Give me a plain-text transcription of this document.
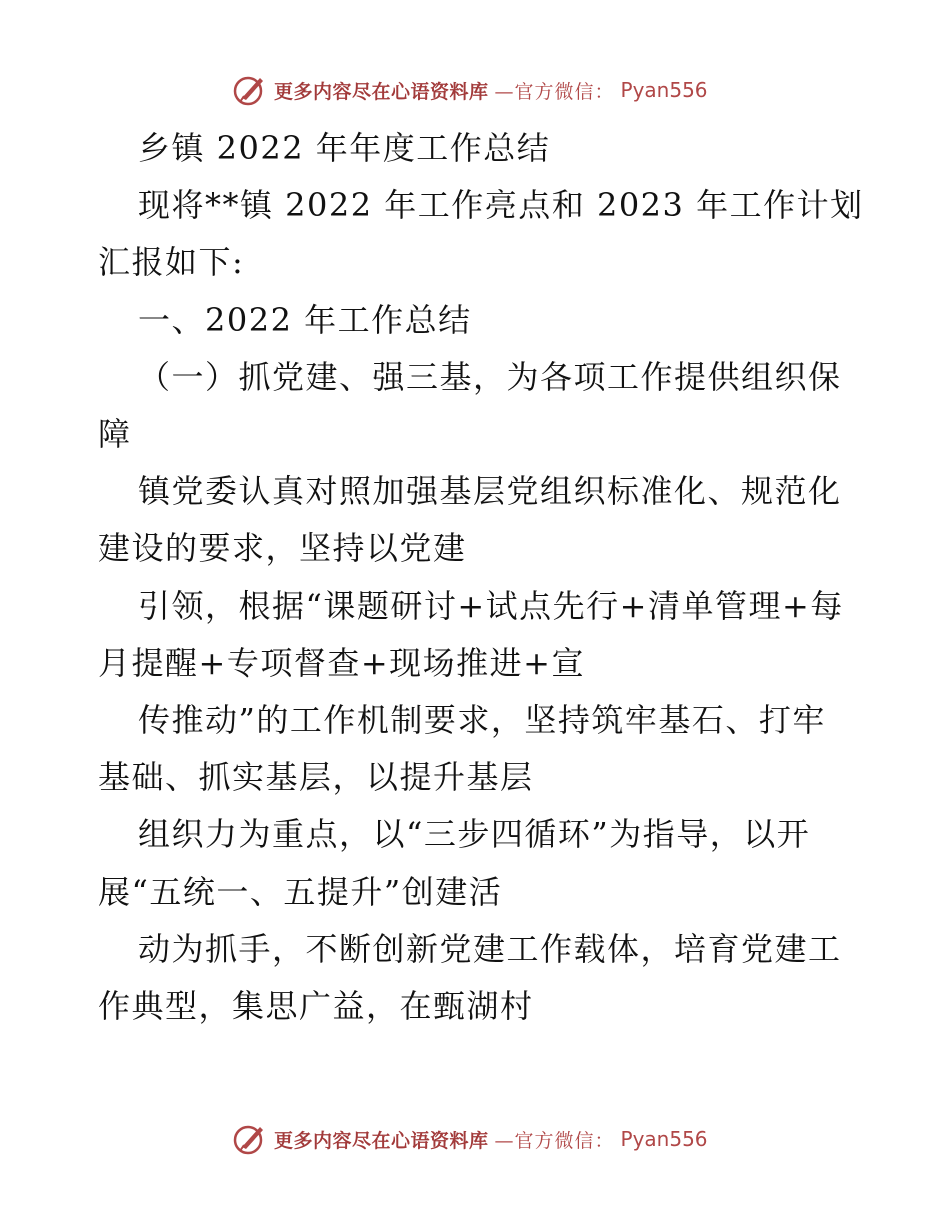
更多内容尽在心语资料库 —官方微信： Pyan556

乡镇 2022 年年度工作总结

现将**镇 2022 年工作亮点和 2023 年工作计划
汇报如下:

一、2022 年工作总结

（一）抓党建、强三基，为各项工作提供组织保
障

镇党委认真对照加强基层党组织标准化、规范化
建设的要求，坚持以党建

引领，根据“课题研讨+试点先行+清单管理+每
月提醒+专项督查+现场推进+宣

传推动”的工作机制要求，坚持筑牢基石、打牢
基础、抓实基层，以提升基层

组织力为重点，以“三步四循环”为指导，以开
展“五统一、五提升”创建活

动为抓手，不断创新党建工作载体，培育党建工
作典型，集思广益，在甄湖村

更多内容尽在心语资料库 —官方微信： Pyan556
